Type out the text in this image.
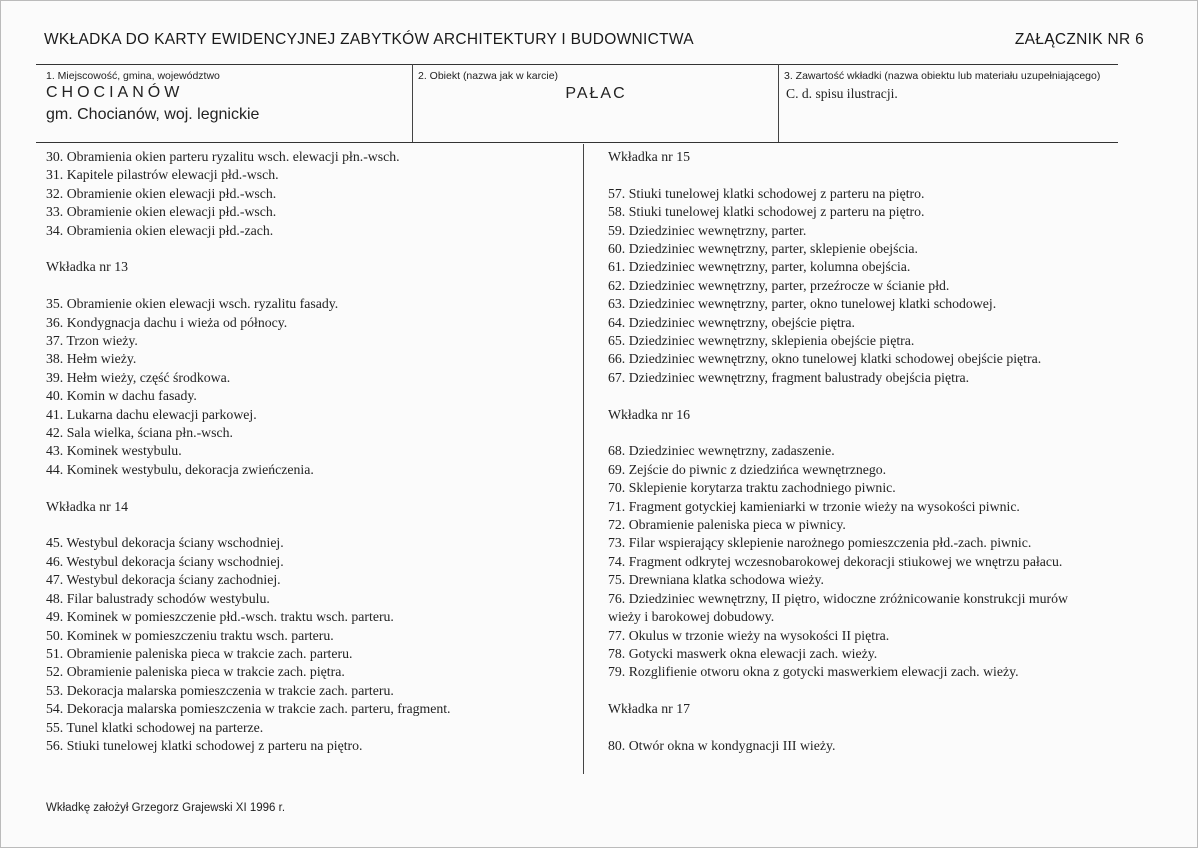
WKŁADKA DO KARTY EWIDENCYJNEJ ZABYTKÓW ARCHITEKTURY I BUDOWNICTWA	ZAŁĄCZNIK NR 6
1. Miejscowość, gmina, województwo
CHOCIANÓW
gm. Chocianów, woj. legnickie
2. Obiekt (nazwa jak w karcie)
PAŁAC
3. Zawartość wkładki (nazwa obiektu lub materiału uzupełniającego)
C. d. spisu ilustracji.
30. Obramienia okien parteru ryzalitu wsch. elewacji płn.-wsch.
31. Kapitele pilastrów elewacji płd.-wsch.
32. Obramienie okien elewacji płd.-wsch.
33. Obramienie okien elewacji płd.-wsch.
34. Obramienia okien elewacji płd.-zach.
Wkładka nr 13
35. Obramienie okien elewacji wsch. ryzalitu fasady.
36. Kondygnacja dachu i wieża od północy.
37. Trzon wieży.
38. Hełm wieży.
39. Hełm wieży, część środkowa.
40. Komin w dachu fasady.
41. Lukarna dachu elewacji parkowej.
42. Sala wielka, ściana płn.-wsch.
43. Kominek westybulu.
44. Kominek westybulu, dekoracja zwieńczenia.
Wkładka nr 14
45. Westybul dekoracja ściany wschodniej.
46. Westybul dekoracja ściany wschodniej.
47. Westybul dekoracja ściany zachodniej.
48. Filar balustrady schodów westybulu.
49. Kominek w pomieszczenie płd.-wsch. traktu wsch. parteru.
50. Kominek w pomieszczeniu traktu wsch. parteru.
51. Obramienie paleniska pieca w trakcie zach. parteru.
52. Obramienie paleniska pieca w trakcie zach. piętra.
53. Dekoracja malarska pomieszczenia w trakcie zach. parteru.
54. Dekoracja malarska pomieszczenia w trakcie zach. parteru, fragment.
55. Tunel klatki schodowej na parterze.
56. Stiuki tunelowej klatki schodowej z parteru na piętro.
Wkładka nr 15
57. Stiuki tunelowej klatki schodowej z parteru na piętro.
58. Stiuki tunelowej klatki schodowej z parteru na piętro.
59. Dziedziniec wewnętrzny, parter.
60. Dziedziniec wewnętrzny, parter, sklepienie obejścia.
61. Dziedziniec wewnętrzny, parter, kolumna obejścia.
62. Dziedziniec wewnętrzny, parter, przeźrocze w ścianie płd.
63. Dziedziniec wewnętrzny, parter, okno tunelowej klatki schodowej.
64. Dziedziniec wewnętrzny, obejście piętra.
65. Dziedziniec wewnętrzny, sklepienia obejście piętra.
66. Dziedziniec wewnętrzny, okno tunelowej klatki schodowej obejście piętra.
67. Dziedziniec wewnętrzny, fragment balustrady obejścia piętra.
Wkładka nr 16
68. Dziedziniec wewnętrzny, zadaszenie.
69. Zejście do piwnic z dziedzińca wewnętrznego.
70. Sklepienie korytarza traktu zachodniego piwnic.
71. Fragment gotyckiej kamieniarki w trzonie wieży na wysokości piwnic.
72. Obramienie paleniska pieca w piwnicy.
73. Filar wspierający sklepienie narożnego pomieszczenia płd.-zach. piwnic.
74. Fragment odkrytej wczesnobarokowej dekoracji stiukowej we wnętrzu pałacu.
75. Drewniana klatka schodowa wieży.
76. Dziedziniec wewnętrzny, II piętro, widoczne zróżnicowanie konstrukcji murów
wieży i barokowej dobudowy.
77. Okulus w trzonie wieży na wysokości II piętra.
78. Gotycki maswerk okna elewacji zach. wieży.
79. Rozglifienie otworu okna z gotycki maswerkiem elewacji zach. wieży.
Wkładka nr 17
80. Otwór okna w kondygnacji III wieży.
Wkładkę założył Grzegorz Grajewski XI 1996 r.
